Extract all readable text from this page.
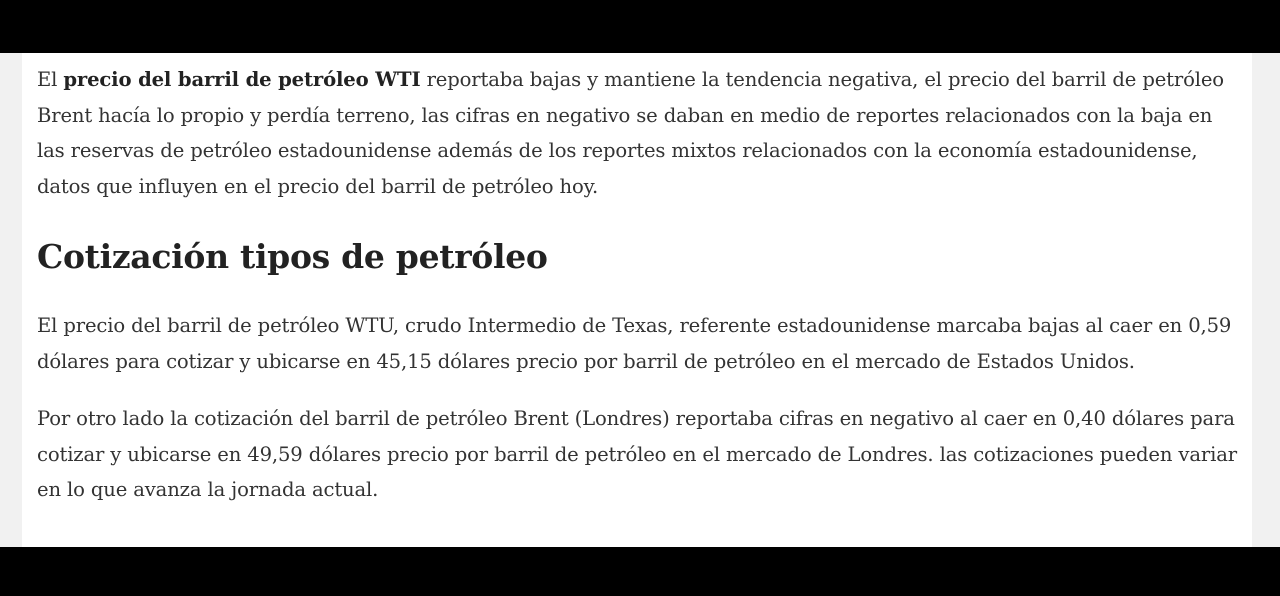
El precio del barril de petróleo WTI reportaba bajas y mantiene la tendencia negativa, el precio del barril de petróleo Brent hacía lo propio y perdía terreno, las cifras en negativo se daban en medio de reportes relacionados con la baja en las reservas de petróleo estadounidense además de los reportes mixtos relacionados con la economía estadounidense, datos que influyen en el precio del barril de petróleo hoy.

Cotización tipos de petróleo

El precio del barril de petróleo WTU, crudo Intermedio de Texas, referente estadounidense marcaba bajas al caer en 0,59 dólares para cotizar y ubicarse en 45,15 dólares precio por barril de petróleo en el mercado de Estados Unidos.

Por otro lado la cotización del barril de petróleo Brent (Londres) reportaba cifras en negativo al caer en 0,40 dólares para cotizar y ubicarse en 49,59 dólares precio por barril de petróleo en el mercado de Londres. las cotizaciones pueden variar en lo que avanza la jornada actual.
